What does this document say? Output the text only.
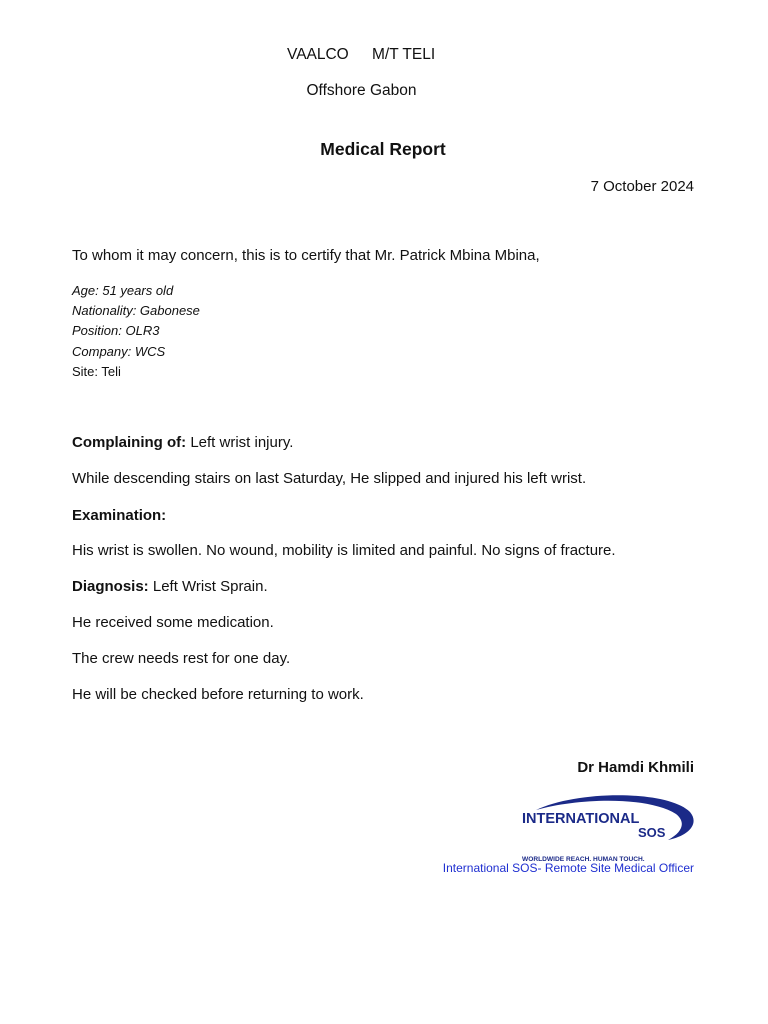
VAALCO M/T TELI

Offshore Gabon

Medical Report

7 October 2024

To whom it may concern, this is to certify that Mr. Patrick Mbina Mbina,

Age: 51 years old

Nationality: Gabonese

Position: OLR3

Company: WCS

Site: Teli

Complaining of: Left wrist injury.

While descending stairs on last Saturday, He slipped and injured his left wrist.

Examination:

His wrist is swollen. No wound, mobility is limited and painful. No signs of fracture.

Diagnosis: Left Wrist Sprain.

He received some medication.

The crew needs rest for one day.

He will be checked before returning to work.

Dr Hamdi Khmili

INTERNATIONAL
SOS
WORLDWIDE REACH. HUMAN TOUCH.

International SOS- Remote Site Medical Officer
